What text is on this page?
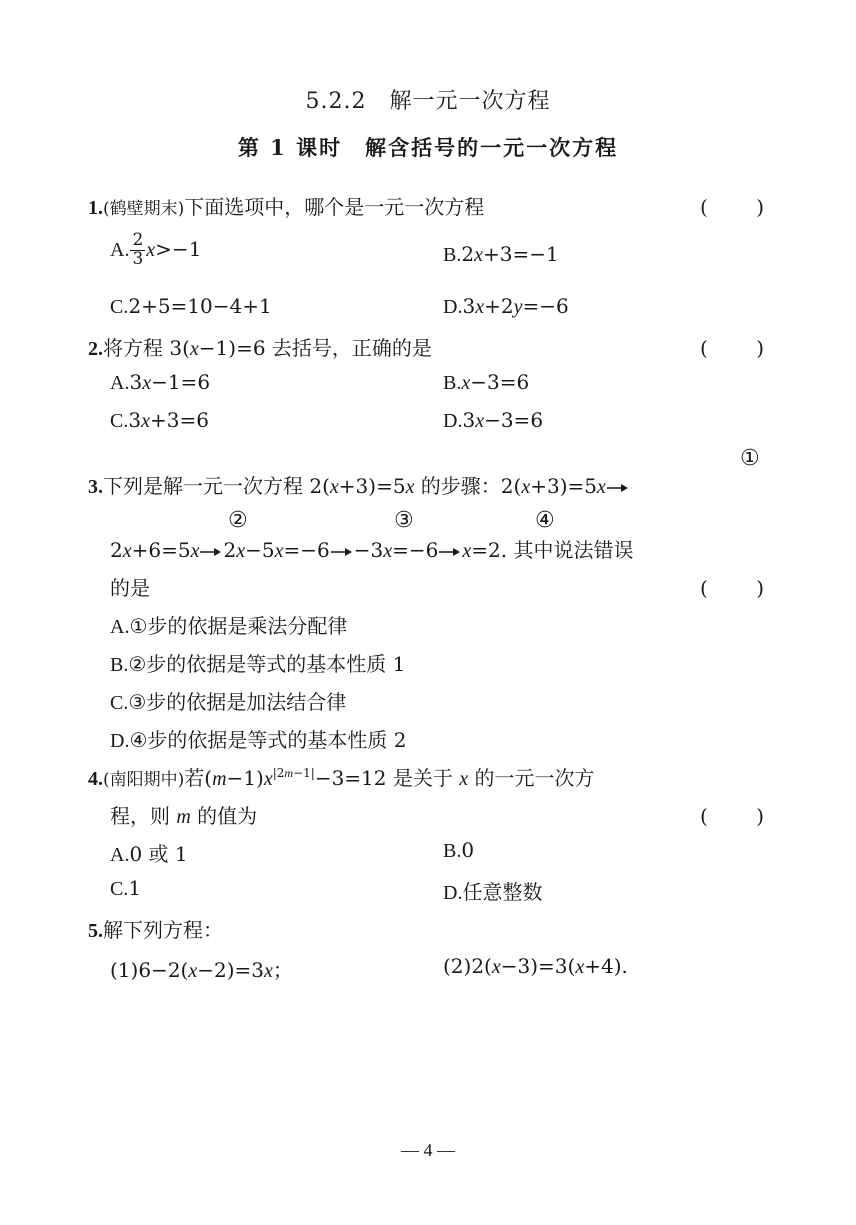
5.2.2　解一元一次方程
第 1 课时　解含括号的一元一次方程
1.(鹤壁期末)下面选项中，哪个是一元一次方程	(　　)
A. $\frac{2}{3} x>-1$	B.2x+3=−1
C.2+5=10−4+1	D.3x+2y=−6
2.将方程 3(x−1)=6 去括号，正确的是	(　　)
A.3x−1=6	B.x−3=6
C.3x+3=6	D.3x−3=6
①
3.下列是解一元一次方程 2(x+3)=5x 的步骤：2(x+3)=5x
②	③	④
2x+6=5x 2x−5x=−6 −3x=−6 x=2. 其中说法错误
的是	(　　)
A.①步的依据是乘法分配律
B.②步的依据是等式的基本性质 1
C.③步的依据是加法结合律
D.④步的依据是等式的基本性质 2
4.(南阳期中)若$(m-1)x^{|2m-1|}-3=12$ 是关于 x 的一元一次方
程，则 m 的值为	(　　)
A.0 或 1	B.0
C.1	D.任意整数
5.解下列方程：
(1)6−2(x−2)=3x；	(2)2(x−3)=3(x+4).
— 4 —
